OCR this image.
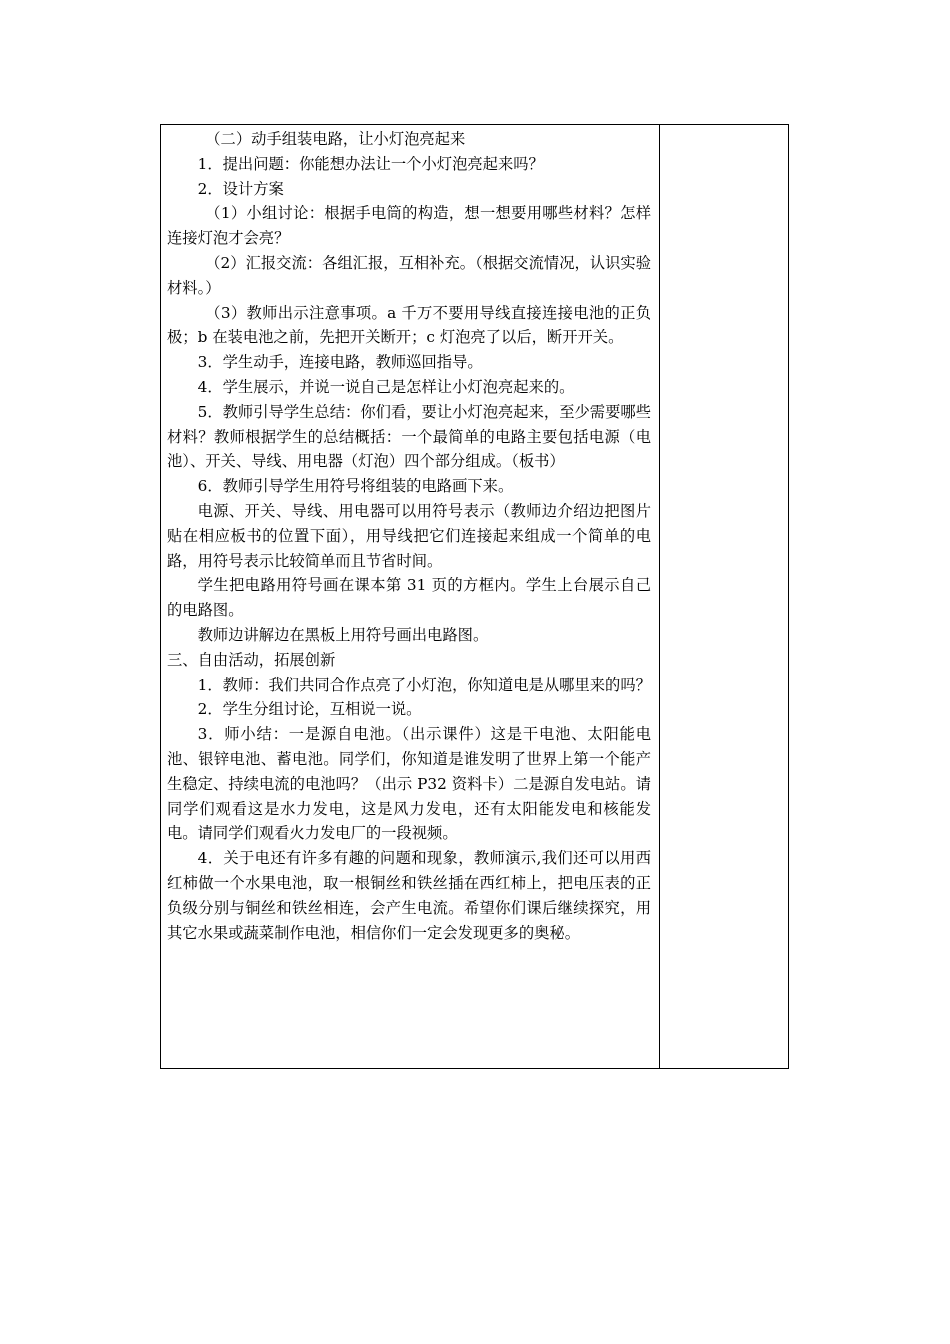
（二）动手组装电路，让小灯泡亮起来

1．提出问题：你能想办法让一个小灯泡亮起来吗？

2．设计方案

（1）小组讨论：根据手电筒的构造，想一想要用哪些材料？怎样连接灯泡才会亮？

（2）汇报交流：各组汇报，互相补充。（根据交流情况，认识实验材料。）

（3）教师出示注意事项。a 千万不要用导线直接连接电池的正负极；b 在装电池之前，先把开关断开；c 灯泡亮了以后，断开开关。

3．学生动手，连接电路，教师巡回指导。

4．学生展示，并说一说自己是怎样让小灯泡亮起来的。

5．教师引导学生总结：你们看，要让小灯泡亮起来，至少需要哪些材料？教师根据学生的总结概括：一个最简单的电路主要包括电源（电池）、开关、导线、用电器（灯泡）四个部分组成。（板书）

6．教师引导学生用符号将组装的电路画下来。

电源、开关、导线、用电器可以用符号表示（教师边介绍边把图片贴在相应板书的位置下面），用导线把它们连接起来组成一个简单的电路，用符号表示比较简单而且节省时间。

学生把电路用符号画在课本第 31 页的方框内。学生上台展示自己的电路图。

教师边讲解边在黑板上用符号画出电路图。

三、自由活动，拓展创新

1．教师：我们共同合作点亮了小灯泡，你知道电是从哪里来的吗？

2．学生分组讨论，互相说一说。

3．师小结：一是源自电池。（出示课件）这是干电池、太阳能电池、银锌电池、蓄电池。同学们，你知道是谁发明了世界上第一个能产生稳定、持续电流的电池吗？（出示 P32 资料卡）二是源自发电站。请同学们观看这是水力发电，这是风力发电，还有太阳能发电和核能发电。请同学们观看火力发电厂的一段视频。

4．关于电还有许多有趣的问题和现象，教师演示,我们还可以用西红柿做一个水果电池，取一根铜丝和铁丝插在西红柿上，把电压表的正负级分别与铜丝和铁丝相连，会产生电流。希望你们课后继续探究，用其它水果或蔬菜制作电池，相信你们一定会发现更多的奥秘。
